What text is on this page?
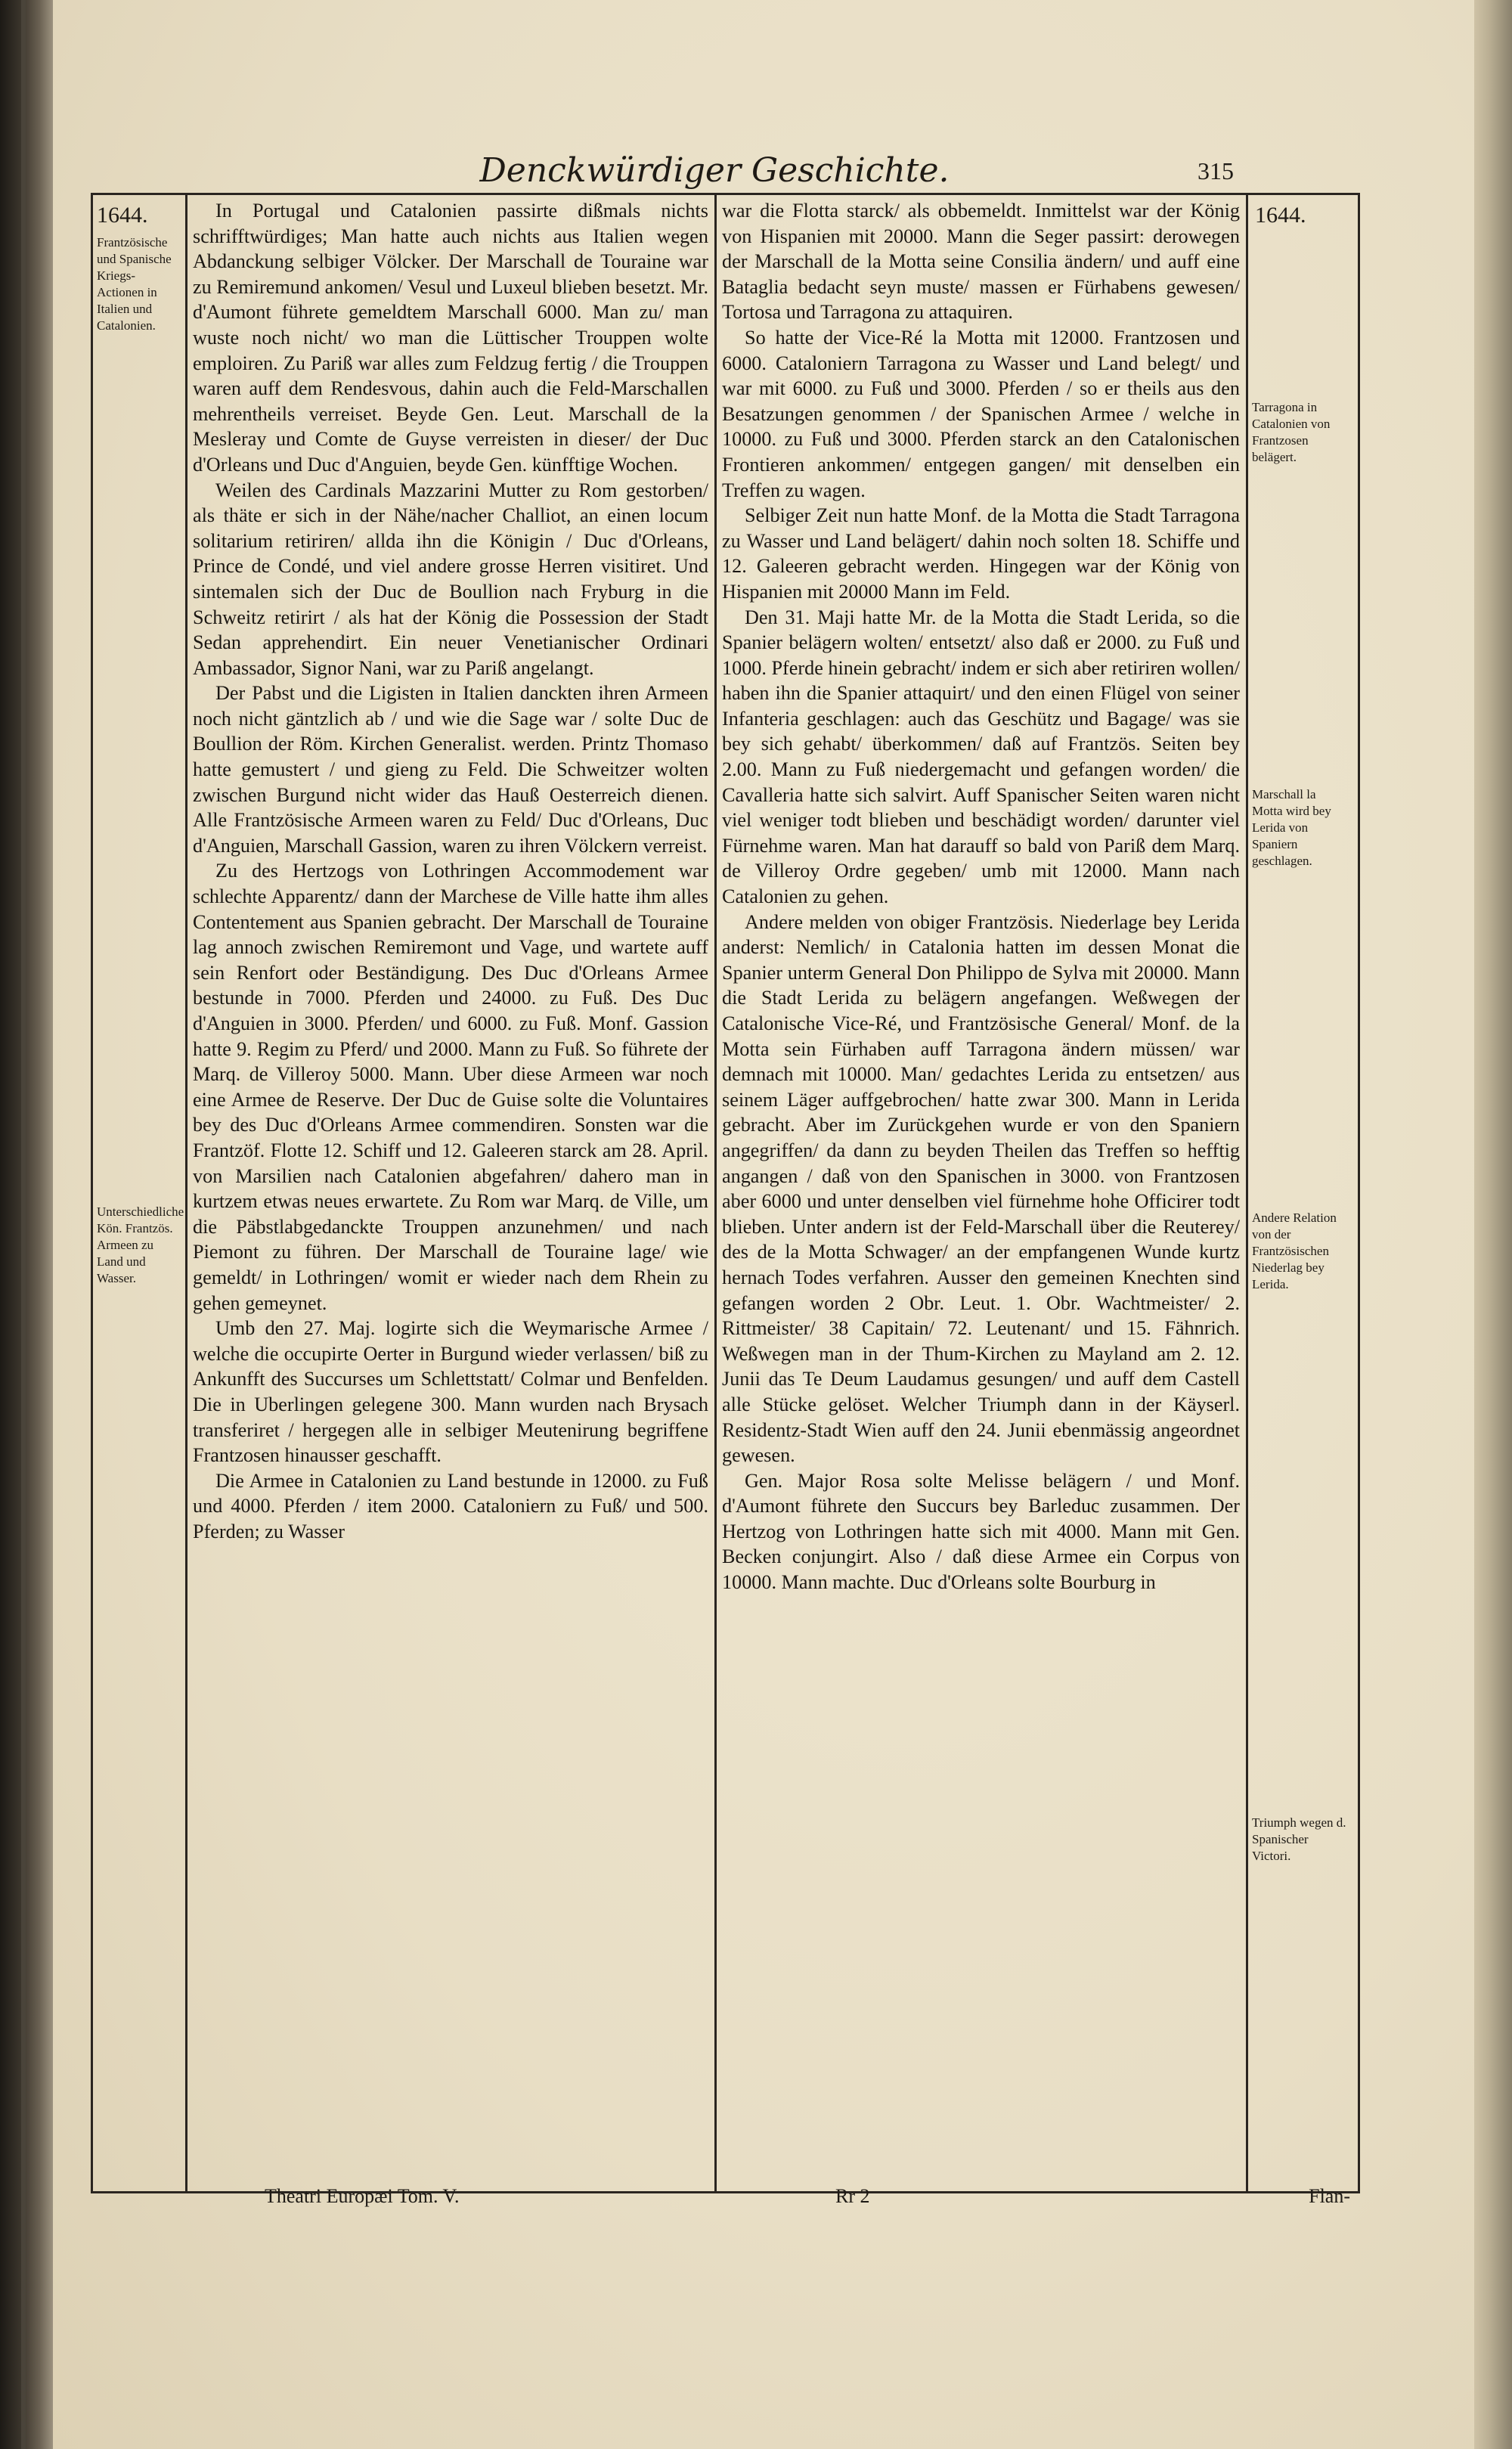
Denckwürdiger Geschichte.	315
1644.
Frantzösische und Spanische Kriegs-Actionen in Italien und Catalonien.
Unterschiedliche Kön. Frantzös. Armeen zu Land und Wasser.
1644.
Tarragona in Catalonien von Frantzosen belägert.
Marschall la Motta wird bey Lerida von Spaniern geschlagen.
Andere Relation von der Frantzösischen Niederlag bey Lerida.
Triumph wegen d. Spanischer Victori.

In Portugal und Catalonien passirte dißmals nichts schrifftwürdiges; Man hatte auch nichts aus Italien wegen Abdanckung selbiger Völcker. Der Marschall de Touraine war zu Remiremund ankomen/ Vesul und Luxeul blieben besetzt. Mr. d'Aumont führete gemeldtem Marschall 6000. Man zu/ man wuste noch nicht/ wo man die Lüttischer Trouppen wolte emploiren. Zu Pariß war alles zum Feldzug fertig / die Trouppen waren auff dem Rendesvous, dahin auch die Feld-Marschallen mehrentheils verreiset. Beyde Gen. Leut. Marschall de la Mesleray und Comte de Guyse verreisten in dieser/ der Duc d'Orleans und Duc d'Anguien, beyde Gen. künfftige Wochen.

Weilen des Cardinals Mazzarini Mutter zu Rom gestorben/ als thäte er sich in der Nähe/nacher Challiot, an einen locum solitarium retiriren/ allda ihn die Königin / Duc d'Orleans, Prince de Condé, und viel andere grosse Herren visitiret. Und sintemalen sich der Duc de Boullion nach Fryburg in die Schweitz retirirt / als hat der König die Possession der Stadt Sedan apprehendirt. Ein neuer Venetianischer Ordinari Ambassador, Signor Nani, war zu Pariß angelangt.

Der Pabst und die Ligisten in Italien danckten ihren Armeen noch nicht gäntzlich ab / und wie die Sage war / solte Duc de Boullion der Röm. Kirchen Generalist. werden. Printz Thomaso hatte gemustert / und gieng zu Feld. Die Schweitzer wolten zwischen Burgund nicht wider das Hauß Oesterreich dienen. Alle Frantzösische Armeen waren zu Feld/ Duc d'Orleans, Duc d'Anguien, Marschall Gassion, waren zu ihren Völckern verreist.

Zu des Hertzogs von Lothringen Accommodement war schlechte Apparentz/ dann der Marchese de Ville hatte ihm alles Contentement aus Spanien gebracht. Der Marschall de Touraine lag annoch zwischen Remiremont und Vage, und wartete auff sein Renfort oder Beständigung. Des Duc d'Orleans Armee bestunde in 7000. Pferden und 24000. zu Fuß. Des Duc d'Anguien in 3000. Pferden/ und 6000. zu Fuß. Monf. Gassion hatte 9. Regim zu Pferd/ und 2000. Mann zu Fuß. So führete der Marq. de Villeroy 5000. Mann. Uber diese Armeen war noch eine Armee de Reserve. Der Duc de Guise solte die Voluntaires bey des Duc d'Orleans Armee commendiren. Sonsten war die Frantzöf. Flotte 12. Schiff und 12. Galeeren starck am 28. April. von Marsilien nach Catalonien abgefahren/ dahero man in kurtzem etwas neues erwartete. Zu Rom war Marq. de Ville, um die Päbstlabgedanckte Trouppen anzunehmen/ und nach Piemont zu führen. Der Marschall de Touraine lage/ wie gemeldt/ in Lothringen/ womit er wieder nach dem Rhein zu gehen gemeynet.

Umb den 27. Maj. logirte sich die Weymarische Armee / welche die occupirte Oerter in Burgund wieder verlassen/ biß zu Ankunfft des Succurses um Schlettstatt/ Colmar und Benfelden. Die in Uberlingen gelegene 300. Mann wurden nach Brysach transferiret / hergegen alle in selbiger Meutenirung begriffene Frantzosen hinausser geschafft.

Die Armee in Catalonien zu Land bestunde in 12000. zu Fuß und 4000. Pferden / item 2000. Cataloniern zu Fuß/ und 500. Pferden; zu Wasser

war die Flotta starck/ als obbemeldt. Inmittelst war der König von Hispanien mit 20000. Mann die Seger passirt: derowegen der Marschall de la Motta seine Consilia ändern/ und auff eine Bataglia bedacht seyn muste/ massen er Fürhabens gewesen/ Tortosa und Tarragona zu attaquiren.

So hatte der Vice-Ré la Motta mit 12000. Frantzosen und 6000. Cataloniern Tarragona zu Wasser und Land belegt/ und war mit 6000. zu Fuß und 3000. Pferden / so er theils aus den Besatzungen genommen / der Spanischen Armee / welche in 10000. zu Fuß und 3000. Pferden starck an den Catalonischen Frontieren ankommen/ entgegen gangen/ mit denselben ein Treffen zu wagen.

Selbiger Zeit nun hatte Monf. de la Motta die Stadt Tarragona zu Wasser und Land belägert/ dahin noch solten 18. Schiffe und 12. Galeeren gebracht werden. Hingegen war der König von Hispanien mit 20000 Mann im Feld.

Den 31. Maji hatte Mr. de la Motta die Stadt Lerida, so die Spanier belägern wolten/ entsetzt/ also daß er 2000. zu Fuß und 1000. Pferde hinein gebracht/ indem er sich aber retiriren wollen/ haben ihn die Spanier attaquirt/ und den einen Flügel von seiner Infanteria geschlagen: auch das Geschütz und Bagage/ was sie bey sich gehabt/ überkommen/ daß auf Frantzös. Seiten bey 2.00. Mann zu Fuß niedergemacht und gefangen worden/ die Cavalleria hatte sich salvirt. Auff Spanischer Seiten waren nicht viel weniger todt blieben und beschädigt worden/ darunter viel Fürnehme waren. Man hat darauff so bald von Pariß dem Marq. de Villeroy Ordre gegeben/ umb mit 12000. Mann nach Catalonien zu gehen.

Andere melden von obiger Frantzösis. Niederlage bey Lerida anderst: Nemlich/ in Catalonia hatten im dessen Monat die Spanier unterm General Don Philippo de Sylva mit 20000. Mann die Stadt Lerida zu belägern angefangen. Weßwegen der Catalonische Vice-Ré, und Frantzösische General/ Monf. de la Motta sein Fürhaben auff Tarragona ändern müssen/ war demnach mit 10000. Man/ gedachtes Lerida zu entsetzen/ aus seinem Läger auffgebrochen/ hatte zwar 300. Mann in Lerida gebracht. Aber im Zurückgehen wurde er von den Spaniern angegriffen/ da dann zu beyden Theilen das Treffen so hefftig angangen / daß von den Spanischen in 3000. von Frantzosen aber 6000 und unter denselben viel fürnehme hohe Officirer todt blieben. Unter andern ist der Feld-Marschall über die Reuterey/ des de la Motta Schwager/ an der empfangenen Wunde kurtz hernach Todes verfahren. Ausser den gemeinen Knechten sind gefangen worden 2 Obr. Leut. 1. Obr. Wachtmeister/ 2. Rittmeister/ 38 Capitain/ 72. Leutenant/ und 15. Fähnrich. Weßwegen man in der Thum-Kirchen zu Mayland am 2. 12. Junii das Te Deum Laudamus gesungen/ und auff dem Castell alle Stücke gelöset. Welcher Triumph dann in der Käyserl. Residentz-Stadt Wien auff den 24. Junii ebenmässig angeordnet gewesen.

Gen. Major Rosa solte Melisse belägern / und Monf. d'Aumont führete den Succurs bey Barleduc zusammen. Der Hertzog von Lothringen hatte sich mit 4000. Mann mit Gen. Becken conjungirt. Also / daß diese Armee ein Corpus von 10000. Mann machte. Duc d'Orleans solte Bourburg in

Theatri Europæi Tom. V.	Rr 2	Flan-
